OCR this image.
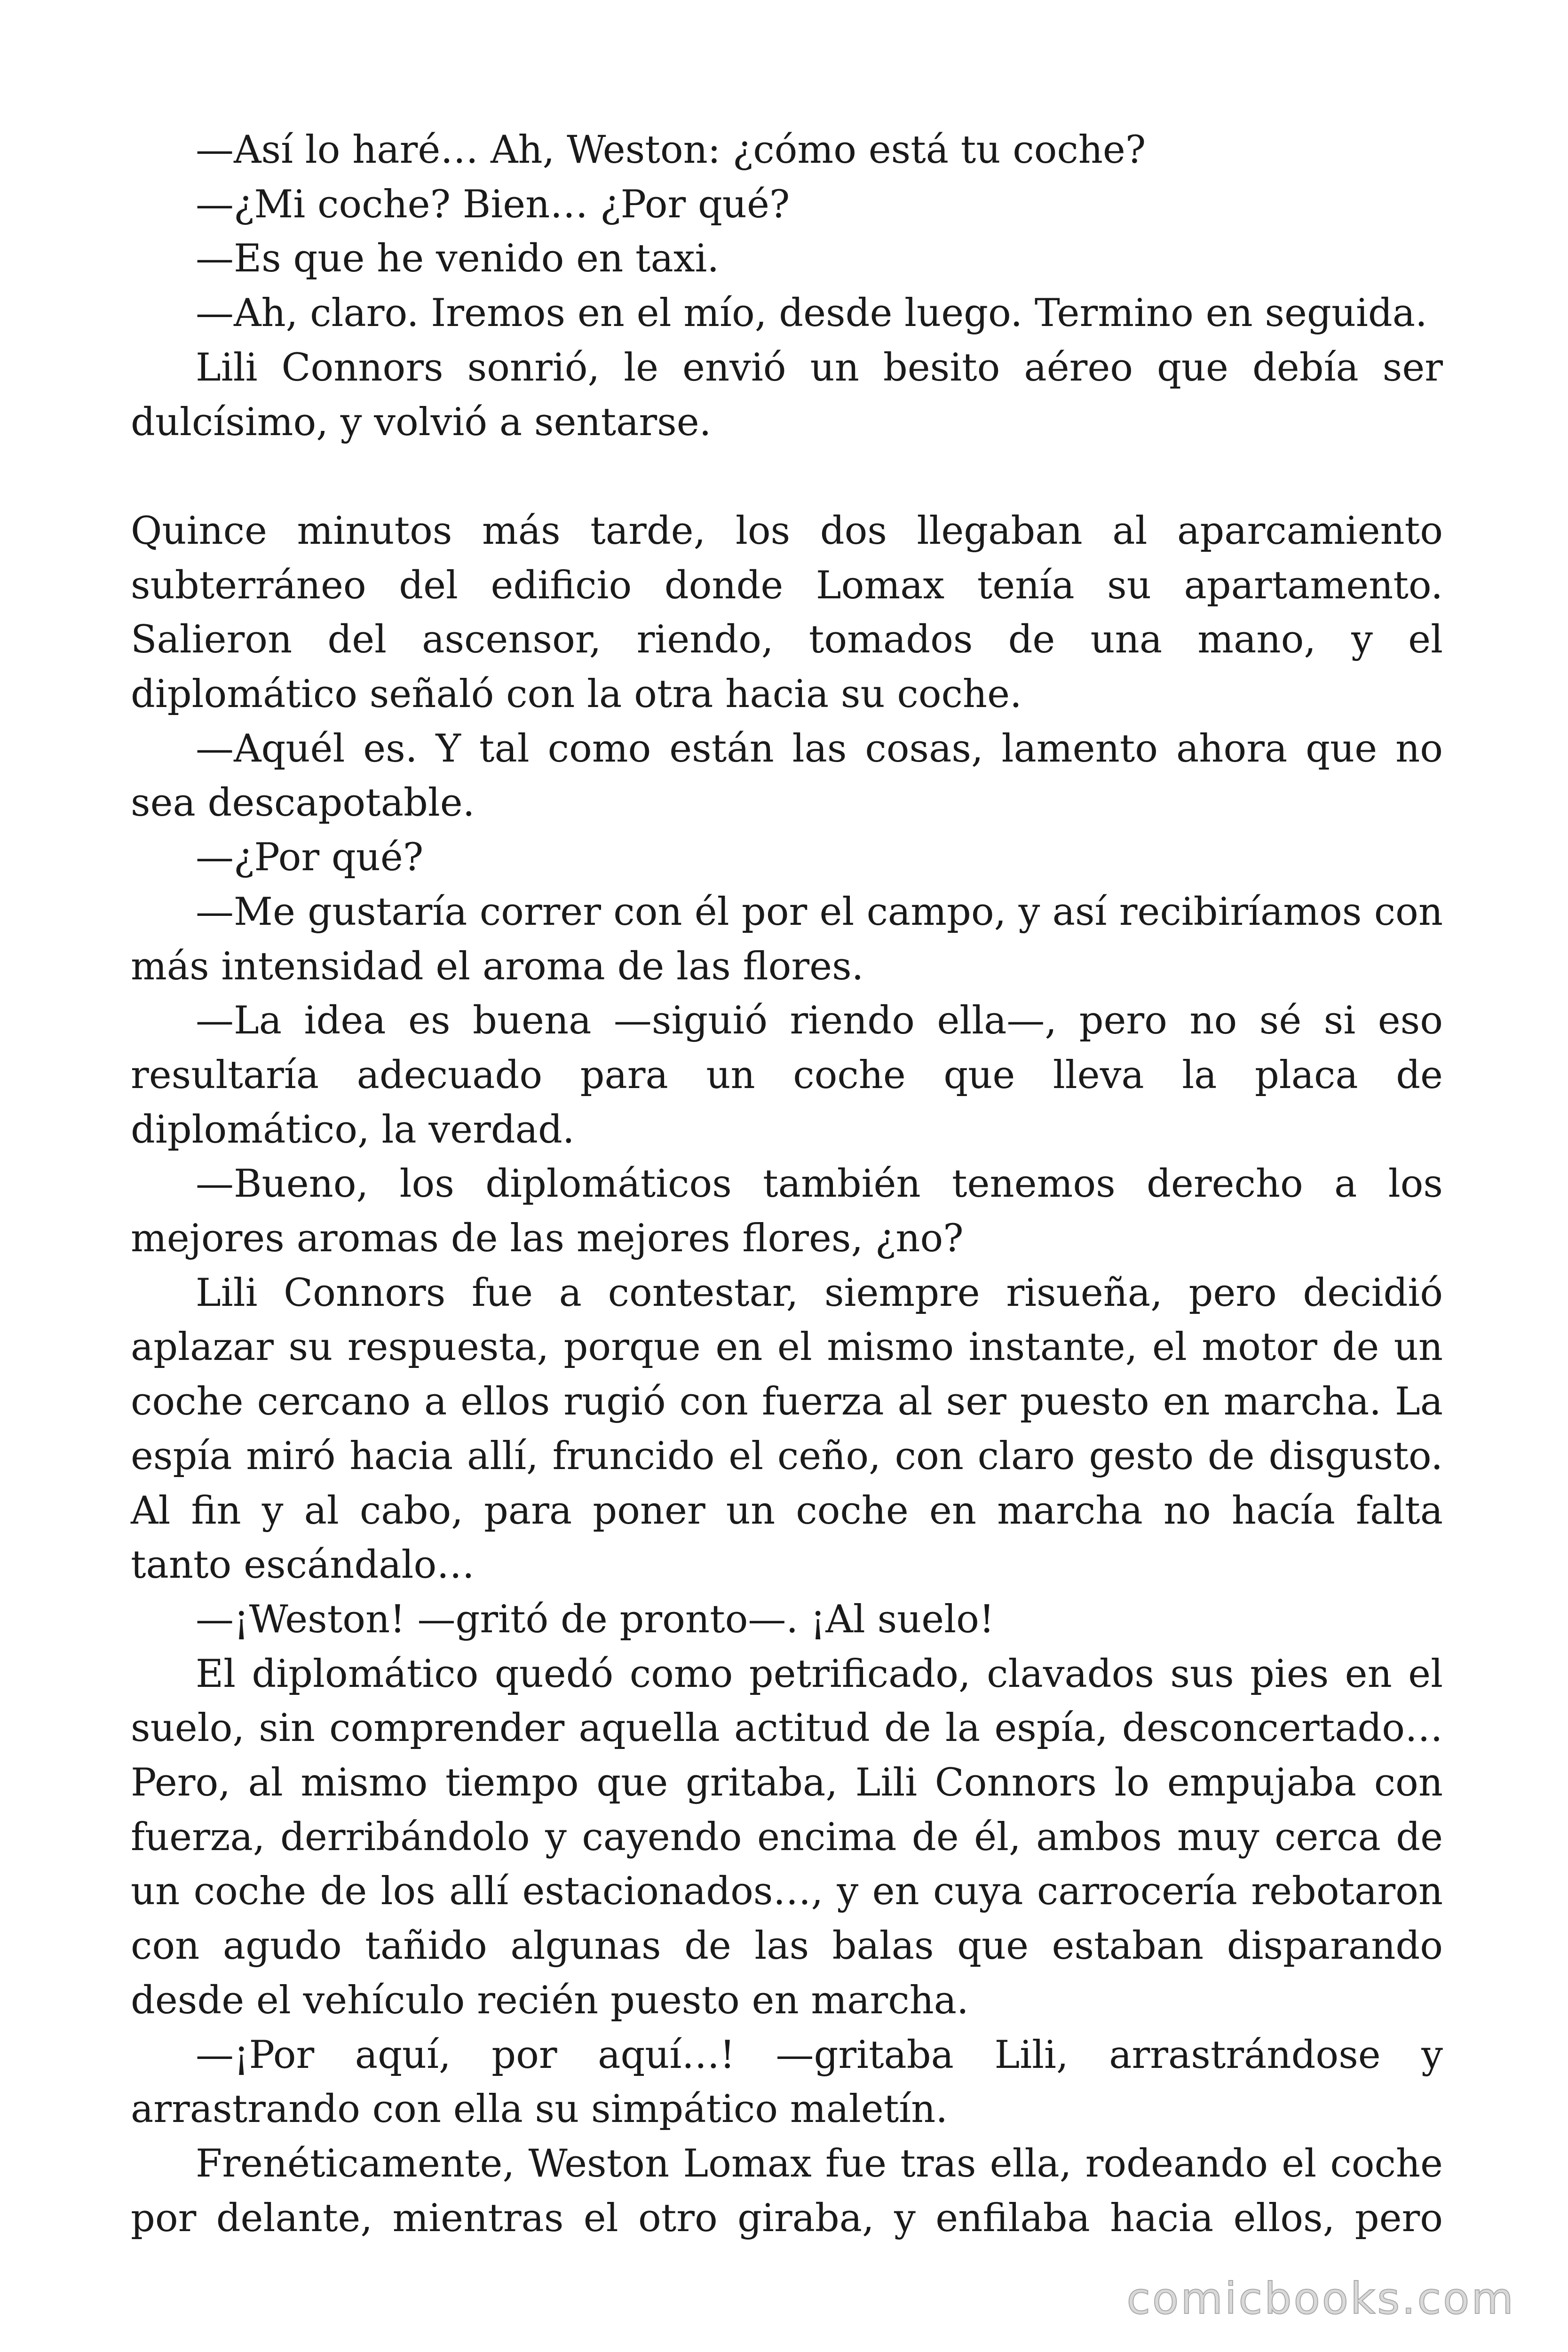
—Así lo haré… Ah, Weston: ¿cómo está tu coche?

—¿Mi coche? Bien… ¿Por qué?

—Es que he venido en taxi.

—Ah, claro. Iremos en el mío, desde luego. Termino en seguida.

Lili Connors sonrió, le envió un besito aéreo que debía ser dulcísimo, y volvió a sentarse.

Quince minutos más tarde, los dos llegaban al aparcamiento subterráneo del edificio donde Lomax tenía su apartamento. Salieron del ascensor, riendo, tomados de una mano, y el diplomático señaló con la otra hacia su coche.

—Aquél es. Y tal como están las cosas, lamento ahora que no sea descapotable.

—¿Por qué?

—Me gustaría correr con él por el campo, y así recibiríamos con más intensidad el aroma de las flores.

—La idea es buena —siguió riendo ella—, pero no sé si eso resultaría adecuado para un coche que lleva la placa de diplomático, la verdad.

—Bueno, los diplomáticos también tenemos derecho a los mejores aromas de las mejores flores, ¿no?

Lili Connors fue a contestar, siempre risueña, pero decidió aplazar su respuesta, porque en el mismo instante, el motor de un coche cercano a ellos rugió con fuerza al ser puesto en marcha. La espía miró hacia allí, fruncido el ceño, con claro gesto de disgusto. Al fin y al cabo, para poner un coche en marcha no hacía falta tanto escándalo…

—¡Weston! —gritó de pronto—. ¡Al suelo!

El diplomático quedó como petrificado, clavados sus pies en el suelo, sin comprender aquella actitud de la espía, desconcertado… Pero, al mismo tiempo que gritaba, Lili Connors lo empujaba con fuerza, derribándolo y cayendo encima de él, ambos muy cerca de un coche de los allí estacionados…, y en cuya carrocería rebotaron con agudo tañido algunas de las balas que estaban disparando desde el vehículo recién puesto en marcha.

—¡Por aquí, por aquí…! —gritaba Lili, arrastrándose y arrastrando con ella su simpático maletín.

Frenéticamente, Weston Lomax fue tras ella, rodeando el coche por delante, mientras el otro giraba, y enfilaba hacia ellos, pero

comicbooks.com
